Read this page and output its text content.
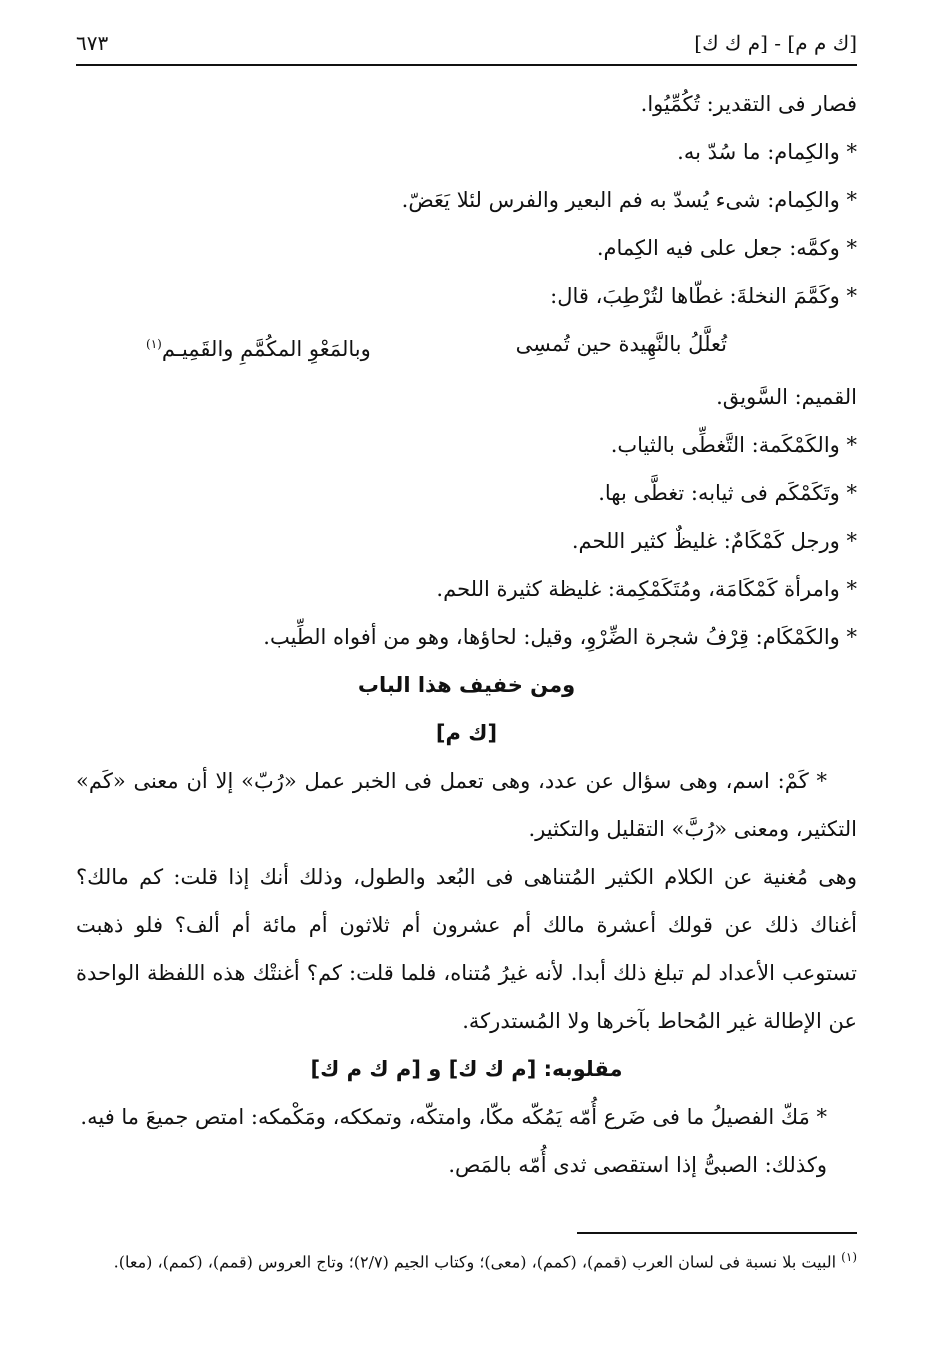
[ك م م] - [م ك ك]
٦٧٣

فصار فى التقدير: تُكُمِّيُوا.

* والكِمام: ما سُدّ به.

* والكِمام: شىء يُسدّ به فم البعير والفرس لئلا يَعَضّ.

* وكمَّه: جعل على فيه الكِمام.

* وكَمَّمَ النخلةَ: غطّاها لتُرْطِبَ، قال:

تُعلَّلُ بالنَّهِيدة حين تُمسِى
وبالمَعْوِ المكُمَّمِ والقَمِيـم$^{(١)}$

القميم: السَّويق.

* والكَمْكَمة: التَّغطِّى بالثياب.

* وتَكَمْكَم فى ثيابه: تغطَّى بها.

* ورجل كَمْكَامٌ: غليظٌ كثير اللحم.

* وامرأة كَمْكَامَة، ومُتَكَمْكِمة: غليظة كثيرة اللحم.

* والكَمْكَام: قِرْفُ شجرة الضِّرْوِ، وقيل: لحاؤها، وهو من أفواه الطِّيب.

ومن خفيف هذا الباب

[ك م]

* كَمْ: اسم، وهى سؤال عن عدد، وهى تعمل فى الخبر عمل «رُبّ» إلا أن معنى «كَم» التكثير، ومعنى «رُبَّ» التقليل والتكثير.

وهى مُغنية عن الكلام الكثير المُتناهى فى البُعد والطول، وذلك أنك إذا قلت: كم مالك؟ أغناك ذلك عن قولك أعشرة مالك أم عشرون أم ثلاثون أم مائة أم ألف؟ فلو ذهبت تستوعب الأعداد لم تبلغ ذلك أبدا. لأنه غيرُ مُتناه، فلما قلت: كم؟ أغنتْك هذه اللفظة الواحدة عن الإطالة غير المُحاط بآخرها ولا المُستدركة.

مقلوبه: [م ك ك] و [م ك م ك]

* مَكّ الفصيلُ ما فى ضَرع أُمّه يَمُكّه مكّا، وامتكّه، وتمككه، ومَكْمكه: امتص جميعَ ما فيه.

وكذلك: الصبىُّ إذا استقصى ثدى أُمّه بالمَص.

$^{(١)}$ البيت بلا نسبة فى لسان العرب (قمم)، (كمم)، (معى)؛ وكتاب الجيم (٢/٧)؛ وتاج العروس (قمم)، (كمم)، (معا).
